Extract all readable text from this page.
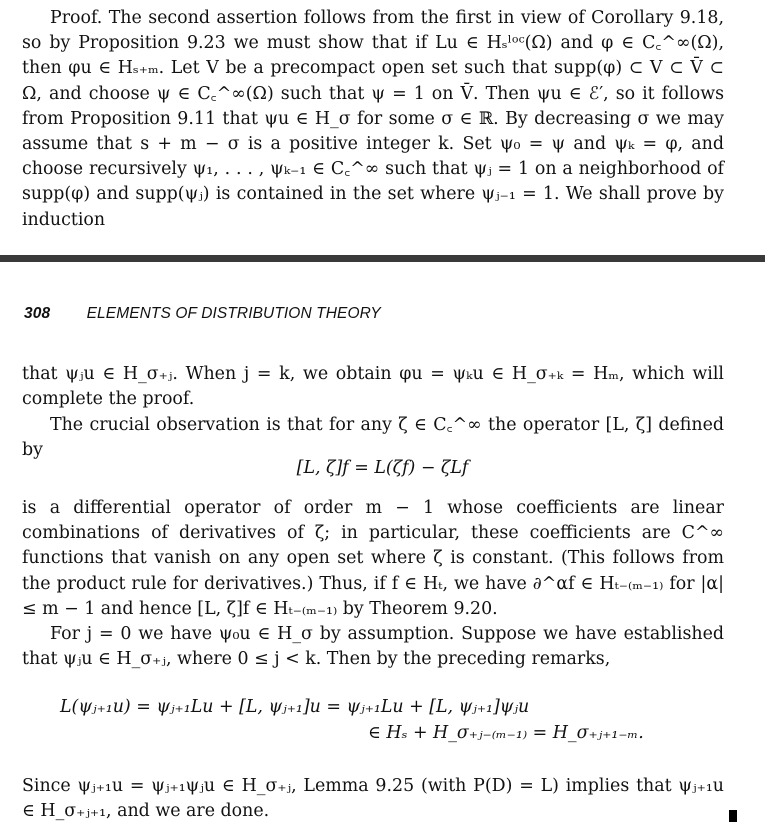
Proof. The second assertion follows from the first in view of Corollary 9.18, so by Proposition 9.23 we must show that if Lu ∈ Hₛˡᵒᶜ(Ω) and φ ∈ C꜀^∞(Ω), then φu ∈ Hₛ₊ₘ. Let V be a precompact open set such that supp(φ) ⊂ V ⊂ V̄ ⊂ Ω, and choose ψ ∈ C꜀^∞(Ω) such that ψ = 1 on V̄. Then ψu ∈ ℰ′, so it follows from Proposition 9.11 that ψu ∈ H_σ for some σ ∈ ℝ. By decreasing σ we may assume that s + m − σ is a positive integer k. Set ψ₀ = ψ and ψₖ = φ, and choose recursively ψ₁, . . . , ψₖ₋₁ ∈ C꜀^∞ such that ψⱼ = 1 on a neighborhood of supp(φ) and supp(ψⱼ) is contained in the set where ψⱼ₋₁ = 1. We shall prove by induction

308 ELEMENTS OF DISTRIBUTION THEORY

that ψⱼu ∈ H_σ₊ⱼ. When j = k, we obtain φu = ψₖu ∈ H_σ₊ₖ = Hₘ, which will complete the proof.

The crucial observation is that for any ζ ∈ C꜀^∞ the operator [L, ζ] defined by

[L, ζ]f = L(ζf) − ζLf

is a differential operator of order m − 1 whose coefficients are linear combinations of derivatives of ζ; in particular, these coefficients are C^∞ functions that vanish on any open set where ζ is constant. (This follows from the product rule for derivatives.) Thus, if f ∈ Hₜ, we have ∂^αf ∈ Hₜ₋₍ₘ₋₁₎ for |α| ≤ m − 1 and hence [L, ζ]f ∈ Hₜ₋₍ₘ₋₁₎ by Theorem 9.20.

For j = 0 we have ψ₀u ∈ H_σ by assumption. Suppose we have established that ψⱼu ∈ H_σ₊ⱼ, where 0 ≤ j < k. Then by the preceding remarks,

L(ψⱼ₊₁u) = ψⱼ₊₁Lu + [L, ψⱼ₊₁]u = ψⱼ₊₁Lu + [L, ψⱼ₊₁]ψⱼu
∈ Hₛ + H_σ₊ⱼ₋₍ₘ₋₁₎ = H_σ₊ⱼ₊₁₋ₘ.

Since ψⱼ₊₁u = ψⱼ₊₁ψⱼu ∈ H_σ₊ⱼ, Lemma 9.25 (with P(D) = L) implies that ψⱼ₊₁u ∈ H_σ₊ⱼ₊₁, and we are done.
